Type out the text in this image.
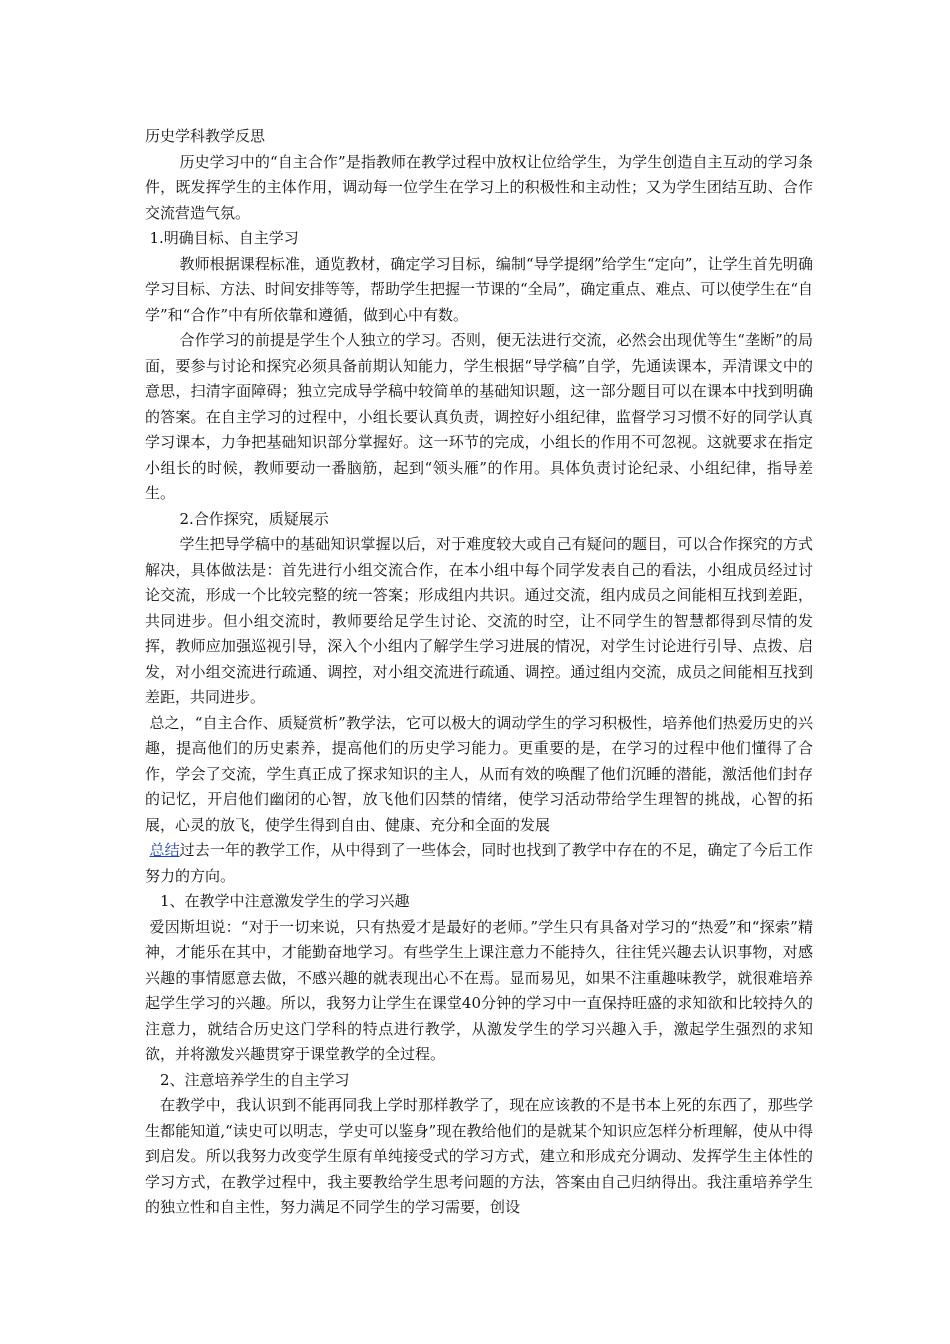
历史学科教学反思

历史学习中的“自主合作”是指教师在教学过程中放权让位给学生，为学生创造自主互动的学习条件，既发挥学生的主体作用，调动每一位学生在学习上的积极性和主动性；又为学生团结互助、合作交流营造气氛。

1.明确目标、自主学习

教师根据课程标准，通览教材，确定学习目标，编制“导学提纲”给学生“定向”，让学生首先明确学习目标、方法、时间安排等等，帮助学生把握一节课的“全局”，确定重点、难点、可以使学生在“自学”和“合作”中有所依靠和遵循，做到心中有数。

合作学习的前提是学生个人独立的学习。否则，便无法进行交流，必然会出现优等生“垄断”的局面，要参与讨论和探究必须具备前期认知能力，学生根据“导学稿”自学，先通读课本，弄清课文中的意思，扫清字面障碍；独立完成导学稿中较简单的基础知识题，这一部分题目可以在课本中找到明确的答案。在自主学习的过程中，小组长要认真负责，调控好小组纪律，监督学习习惯不好的同学认真学习课本，力争把基础知识部分掌握好。这一环节的完成，小组长的作用不可忽视。这就要求在指定小组长的时候，教师要动一番脑筋，起到“领头雁”的作用。具体负责讨论纪录、小组纪律，指导差生。

2.合作探究，质疑展示

学生把导学稿中的基础知识掌握以后，对于难度较大或自己有疑问的题目，可以合作探究的方式解决，具体做法是：首先进行小组交流合作，在本小组中每个同学发表自己的看法，小组成员经过讨论交流，形成一个比较完整的统一答案；形成组内共识。通过交流，组内成员之间能相互找到差距，共同进步。但小组交流时，教师要给足学生讨论、交流的时空，让不同学生的智慧都得到尽情的发挥，教师应加强巡视引导，深入个小组内了解学生学习进展的情况，对学生讨论进行引导、点拨、启发，对小组交流进行疏通、调控，对小组交流进行疏通、调控。通过组内交流，成员之间能相互找到差距，共同进步。

总之，“自主合作、质疑赏析”教学法，它可以极大的调动学生的学习积极性，培养他们热爱历史的兴趣，提高他们的历史素养，提高他们的历史学习能力。更重要的是，在学习的过程中他们懂得了合作，学会了交流，学生真正成了探求知识的主人，从而有效的唤醒了他们沉睡的潜能，激活他们封存的记忆，开启他们幽闭的心智，放飞他们囚禁的情绪，使学习活动带给学生理智的挑战，心智的拓展，心灵的放飞，使学生得到自由、健康、充分和全面的发展

总结过去一年的教学工作，从中得到了一些体会，同时也找到了教学中存在的不足，确定了今后工作努力的方向。

1、在教学中注意激发学生的学习兴趣

爱因斯坦说：“对于一切来说，只有热爱才是最好的老师。”学生只有具备对学习的“热爱”和“探索”精神，才能乐在其中，才能勤奋地学习。有些学生上课注意力不能持久，往往凭兴趣去认识事物，对感兴趣的事情愿意去做，不感兴趣的就表现出心不在焉。显而易见，如果不注重趣味教学，就很难培养起学生学习的兴趣。所以，我努力让学生在课堂40分钟的学习中一直保持旺盛的求知欲和比较持久的注意力，就结合历史这门学科的特点进行教学，从激发学生的学习兴趣入手，激起学生强烈的求知欲，并将激发兴趣贯穿于课堂教学的全过程。

2、注意培养学生的自主学习

在教学中，我认识到不能再同我上学时那样教学了，现在应该教的不是书本上死的东西了，那些学生都能知道,“读史可以明志，学史可以鉴身”现在教给他们的是就某个知识应怎样分析理解，使从中得到启发。所以我努力改变学生原有单纯接受式的学习方式，建立和形成充分调动、发挥学生主体性的学习方式，在教学过程中，我主要教给学生思考问题的方法，答案由自己归纳得出。我注重培养学生的独立性和自主性，努力满足不同学生的学习需要，创设
